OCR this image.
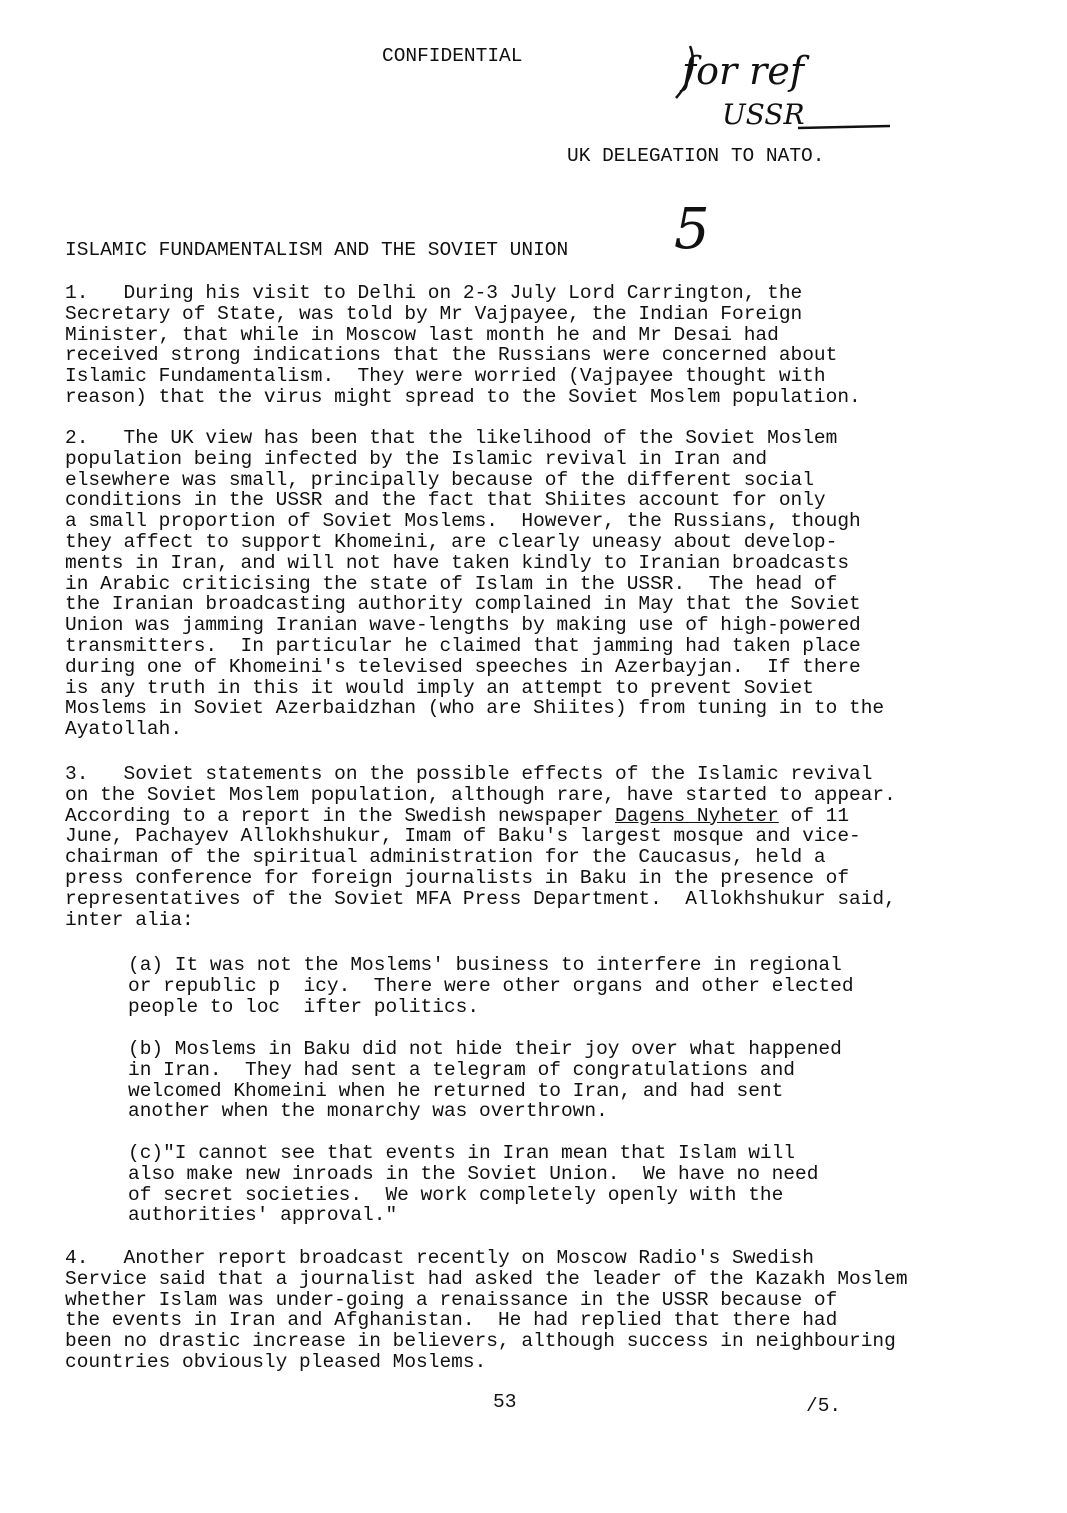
CONFIDENTIAL	for ref
USSR
UK DELEGATION TO NATO.
5
ISLAMIC FUNDAMENTALISM AND THE SOVIET UNION
1.   During his visit to Delhi on 2-3 July Lord Carrington, the
Secretary of State, was told by Mr Vajpayee, the Indian Foreign
Minister, that while in Moscow last month he and Mr Desai had
received strong indications that the Russians were concerned about
Islamic Fundamentalism.  They were worried (Vajpayee thought with
reason) that the virus might spread to the Soviet Moslem population.
2.   The UK view has been that the likelihood of the Soviet Moslem
population being infected by the Islamic revival in Iran and
elsewhere was small, principally because of the different social
conditions in the USSR and the fact that Shiites account for only
a small proportion of Soviet Moslems.  However, the Russians, though
they affect to support Khomeini, are clearly uneasy about develop-
ments in Iran, and will not have taken kindly to Iranian broadcasts
in Arabic criticising the state of Islam in the USSR.  The head of
the Iranian broadcasting authority complained in May that the Soviet
Union was jamming Iranian wave-lengths by making use of high-powered
transmitters.  In particular he claimed that jamming had taken place
during one of Khomeini's televised speeches in Azerbayjan.  If there
is any truth in this it would imply an attempt to prevent Soviet
Moslems in Soviet Azerbaidzhan (who are Shiites) from tuning in to the
Ayatollah.
3.   Soviet statements on the possible effects of the Islamic revival
on the Soviet Moslem population, although rare, have started to appear.
According to a report in the Swedish newspaper Dagens Nyheter of 11
June, Pachayev Allokhshukur, Imam of Baku's largest mosque and vice-
chairman of the spiritual administration for the Caucasus, held a
press conference for foreign journalists in Baku in the presence of
representatives of the Soviet MFA Press Department.  Allokhshukur said,
inter alia:
(a) It was not the Moslems' business to interfere in regional
or republic p  icy.  There were other organs and other elected
people to loc  ifter politics.
(b) Moslems in Baku did not hide their joy over what happened
in Iran.  They had sent a telegram of congratulations and
welcomed Khomeini when he returned to Iran, and had sent
another when the monarchy was overthrown.
(c)"I cannot see that events in Iran mean that Islam will
also make new inroads in the Soviet Union.  We have no need
of secret societies.  We work completely openly with the
authorities' approval."
4.   Another report broadcast recently on Moscow Radio's Swedish
Service said that a journalist had asked the leader of the Kazakh Moslem
whether Islam was under-going a renaissance in the USSR because of
the events in Iran and Afghanistan.  He had replied that there had
been no drastic increase in believers, although success in neighbouring
countries obviously pleased Moslems.
53	/5.
